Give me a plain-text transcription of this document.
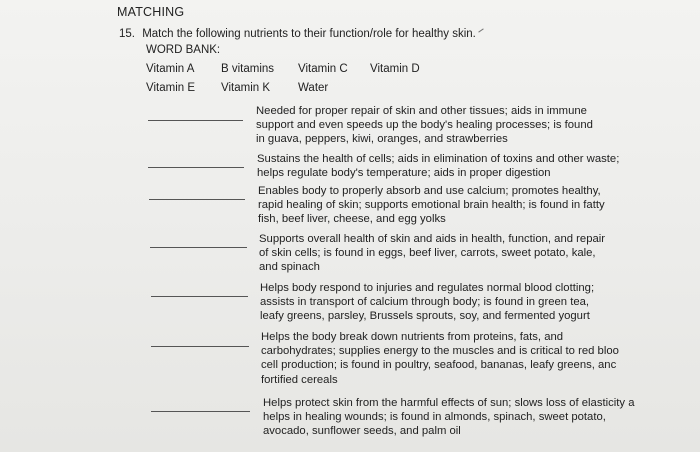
MATCHING
15. Match the following nutrients to their function/role for healthy skin.
WORD BANK:
Vitamin A B vitamins Vitamin C Vitamin D
Vitamin E Vitamin K Water
Needed for proper repair of skin and other tissues; aids in immune
support and even speeds up the body's healing processes; is found
in guava, peppers, kiwi, oranges, and strawberries
Sustains the health of cells; aids in elimination of toxins and other waste;
helps regulate body's temperature; aids in proper digestion
Enables body to properly absorb and use calcium; promotes healthy,
rapid healing of skin; supports emotional brain health; is found in fatty
fish, beef liver, cheese, and egg yolks
Supports overall health of skin and aids in health, function, and repair
of skin cells; is found in eggs, beef liver, carrots, sweet potato, kale,
and spinach
Helps body respond to injuries and regulates normal blood clotting;
assists in transport of calcium through body; is found in green tea,
leafy greens, parsley, Brussels sprouts, soy, and fermented yogurt
Helps the body break down nutrients from proteins, fats, and
carbohydrates; supplies energy to the muscles and is critical to red bloo
cell production; is found in poultry, seafood, bananas, leafy greens, anc
fortified cereals
Helps protect skin from the harmful effects of sun; slows loss of elasticity a
helps in healing wounds; is found in almonds, spinach, sweet potato,
avocado, sunflower seeds, and palm oil
